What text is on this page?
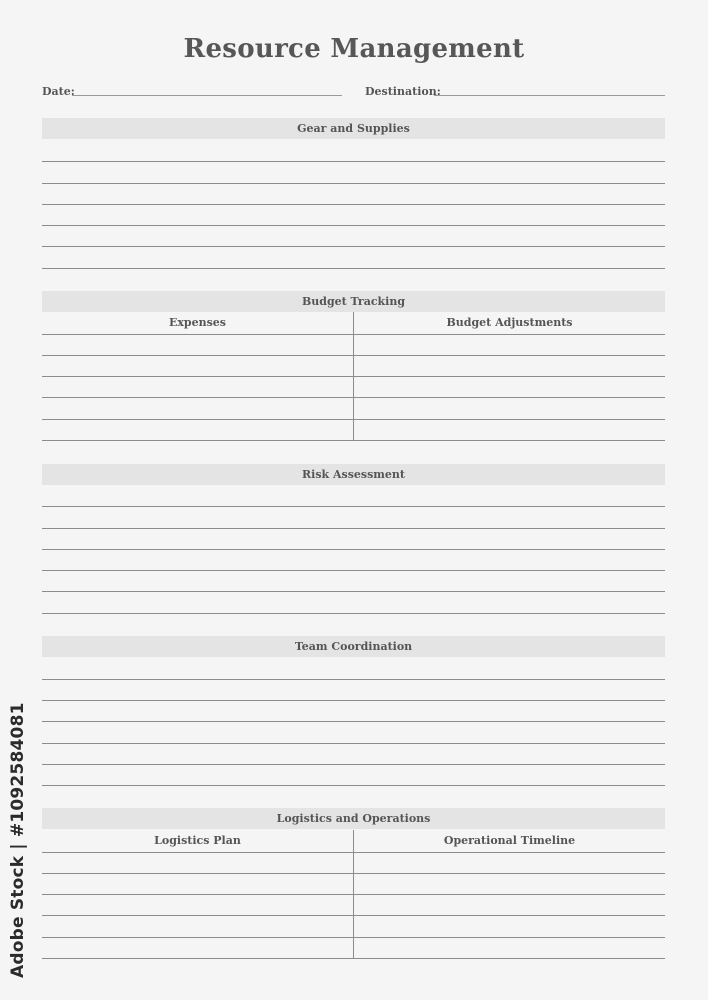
Resource Management
Date:	Destination:
Gear and Supplies
Budget Tracking
Expenses	Budget Adjustments
Risk Assessment
Team Coordination
Logistics and Operations
Logistics Plan	Operational Timeline
Adobe Stock | #1092584081
